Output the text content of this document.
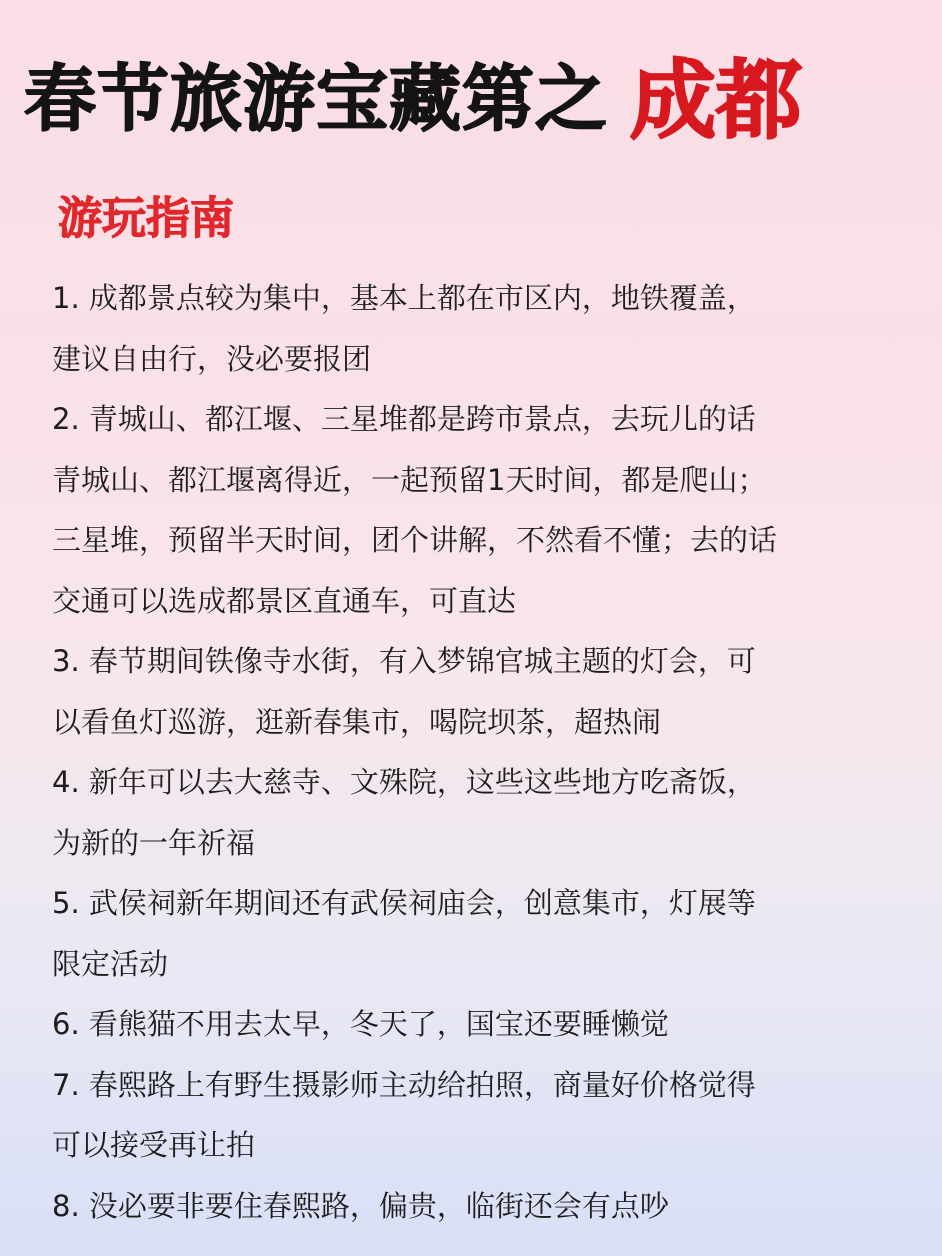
春节旅游宝藏第之 成都
游玩指南
1. 成都景点较为集中，基本上都在市区内，地铁覆盖，
建议自由行，没必要报团
2. 青城山、都江堰、三星堆都是跨市景点，去玩儿的话
青城山、都江堰离得近，一起预留1天时间，都是爬山；
三星堆，预留半天时间，团个讲解，不然看不懂；去的话
交通可以选成都景区直通车，可直达
3. 春节期间铁像寺水街，有入梦锦官城主题的灯会，可
以看鱼灯巡游，逛新春集市，喝院坝茶，超热闹
4. 新年可以去大慈寺、文殊院，这些这些地方吃斋饭，
为新的一年祈福
5. 武侯祠新年期间还有武侯祠庙会，创意集市，灯展等
限定活动
6. 看熊猫不用去太早，冬天了，国宝还要睡懒觉
7. 春熙路上有野生摄影师主动给拍照，商量好价格觉得
可以接受再让拍
8. 没必要非要住春熙路，偏贵，临街还会有点吵
